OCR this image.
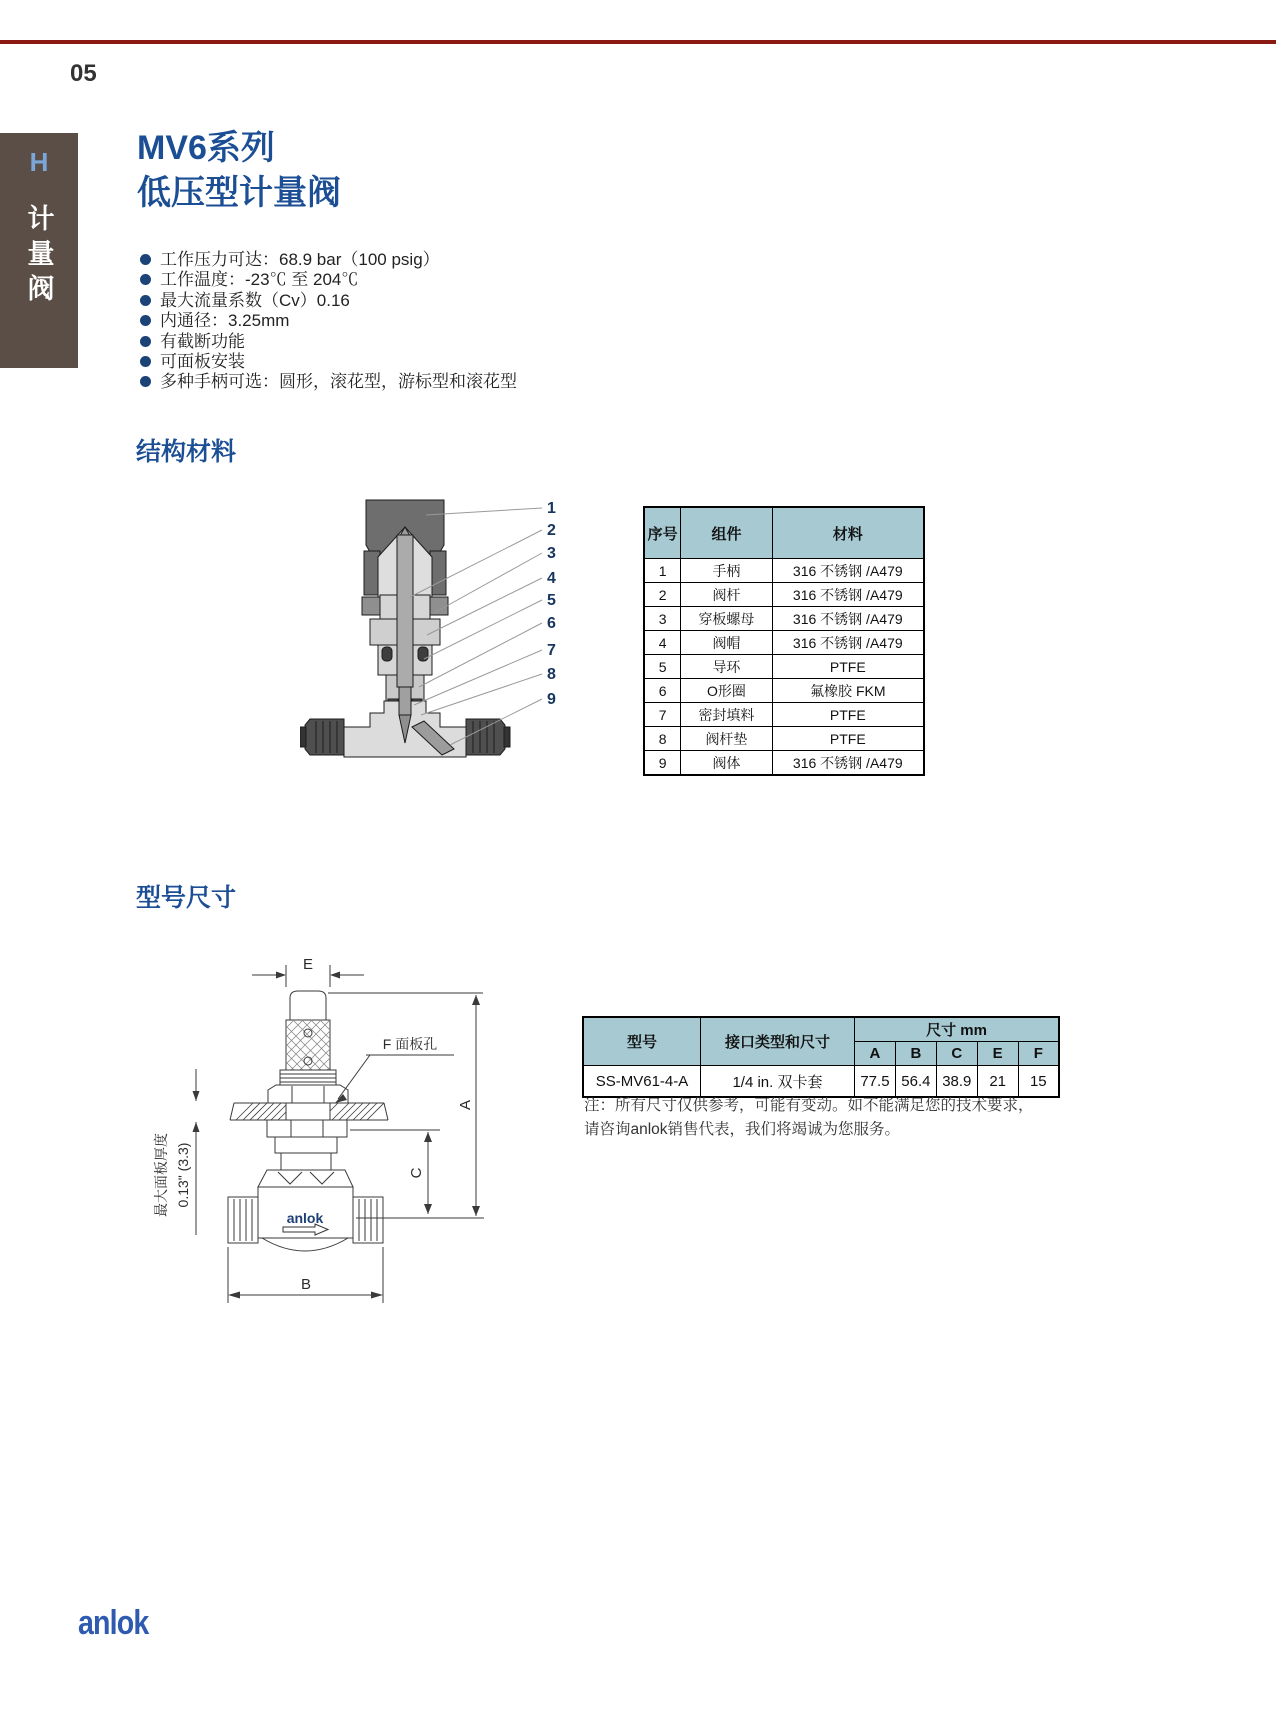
05
H
计量阀
MV6系列
低压型计量阀
工作压力可达：68.9 bar（100 psig）
工作温度：-23℃ 至 204℃
最大流量系数（Cv）0.16
内通径：3.25mm
有截断功能
可面板安装
多种手柄可选：圆形，滚花型，游标型和滚花型
结构材料
1
2
3
4
5
6
7
8
9
序号	组件	材料
1	手柄	316 不锈钢 /A479
2	阀杆	316 不锈钢 /A479
3	穿板螺母	316 不锈钢 /A479
4	阀帽	316 不锈钢 /A479
5	导环	PTFE
6	O形圈	氟橡胶 FKM
7	密封填料	PTFE
8	阀杆垫	PTFE
9	阀体	316 不锈钢 /A479
型号尺寸
E
A
C
B
F 面板孔
最大面板厚度 0.13" (3.3)
anlok
型号	接口类型和尺寸	尺寸 mm				
		A	B	C	E	F
SS-MV61-4-A	1/4 in. 双卡套	77.5	56.4	38.9	21	15
注：所有尺寸仅供参考，可能有变动。如不能满足您的技术要求，
请咨询anlok销售代表，我们将竭诚为您服务。
anlok
